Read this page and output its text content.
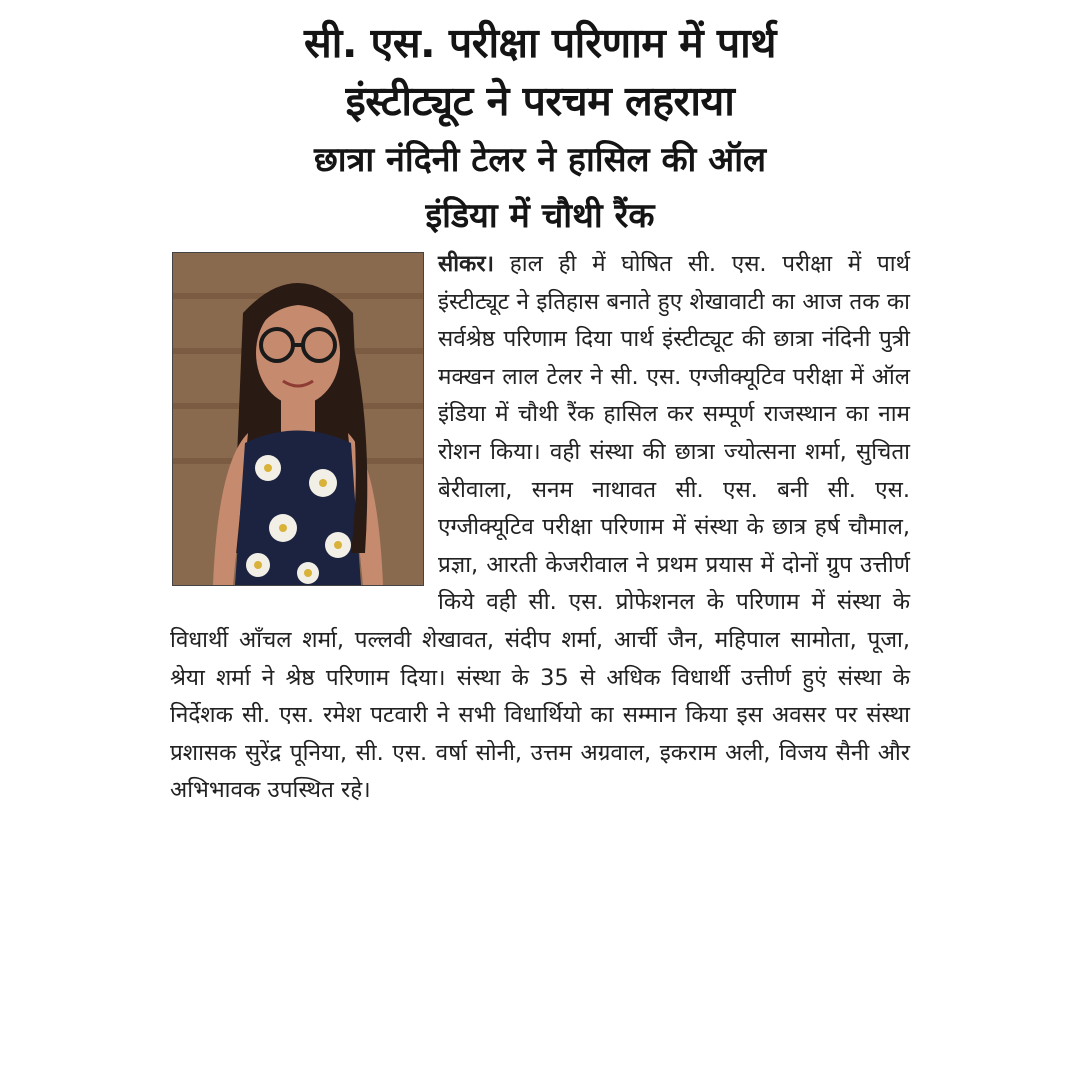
सी. एस. परीक्षा परिणाम में पार्थ
इंस्टीट्यूट ने परचम लहराया
छात्रा नंदिनी टेलर ने हासिल की ऑल
इंडिया में चौथी रैंक

सीकर। हाल ही में घोषित सी. एस. परीक्षा में पार्थ इंस्टीट्यूट ने इतिहास बनाते हुए शेखावाटी का आज तक का सर्वश्रेष्ठ परिणाम दिया पार्थ इंस्टीट्यूट की छात्रा नंदिनी पुत्री मक्खन लाल टेलर ने सी. एस. एग्जीक्यूटिव परीक्षा में ऑल इंडिया में चौथी रैंक हासिल कर सम्पूर्ण राजस्थान का नाम रोशन किया। वही संस्था की छात्रा ज्योत्सना शर्मा, सुचिता बेरीवाला, सनम नाथावत सी. एस. बनी सी. एस. एग्जीक्यूटिव परीक्षा परिणाम में संस्था के छात्र हर्ष चौमाल, प्रज्ञा, आरती केजरीवाल ने प्रथम प्रयास में दोनों ग्रुप उत्तीर्ण किये वही सी. एस. प्रोफेशनल के परिणाम में संस्था के विधार्थी आँचल शर्मा, पल्लवी शेखावत, संदीप शर्मा, आर्ची जैन, महिपाल सामोता, पूजा, श्रेया शर्मा ने श्रेष्ठ परिणाम दिया। संस्था के 35 से अधिक विधार्थी उत्तीर्ण हुएं संस्था के निर्देशक सी. एस. रमेश पटवारी ने सभी विधार्थियो का सम्मान किया इस अवसर पर संस्था प्रशासक सुरेंद्र पूनिया, सी. एस. वर्षा सोनी, उत्तम अग्रवाल, इकराम अली, विजय सैनी और अभिभावक उपस्थित रहे।
